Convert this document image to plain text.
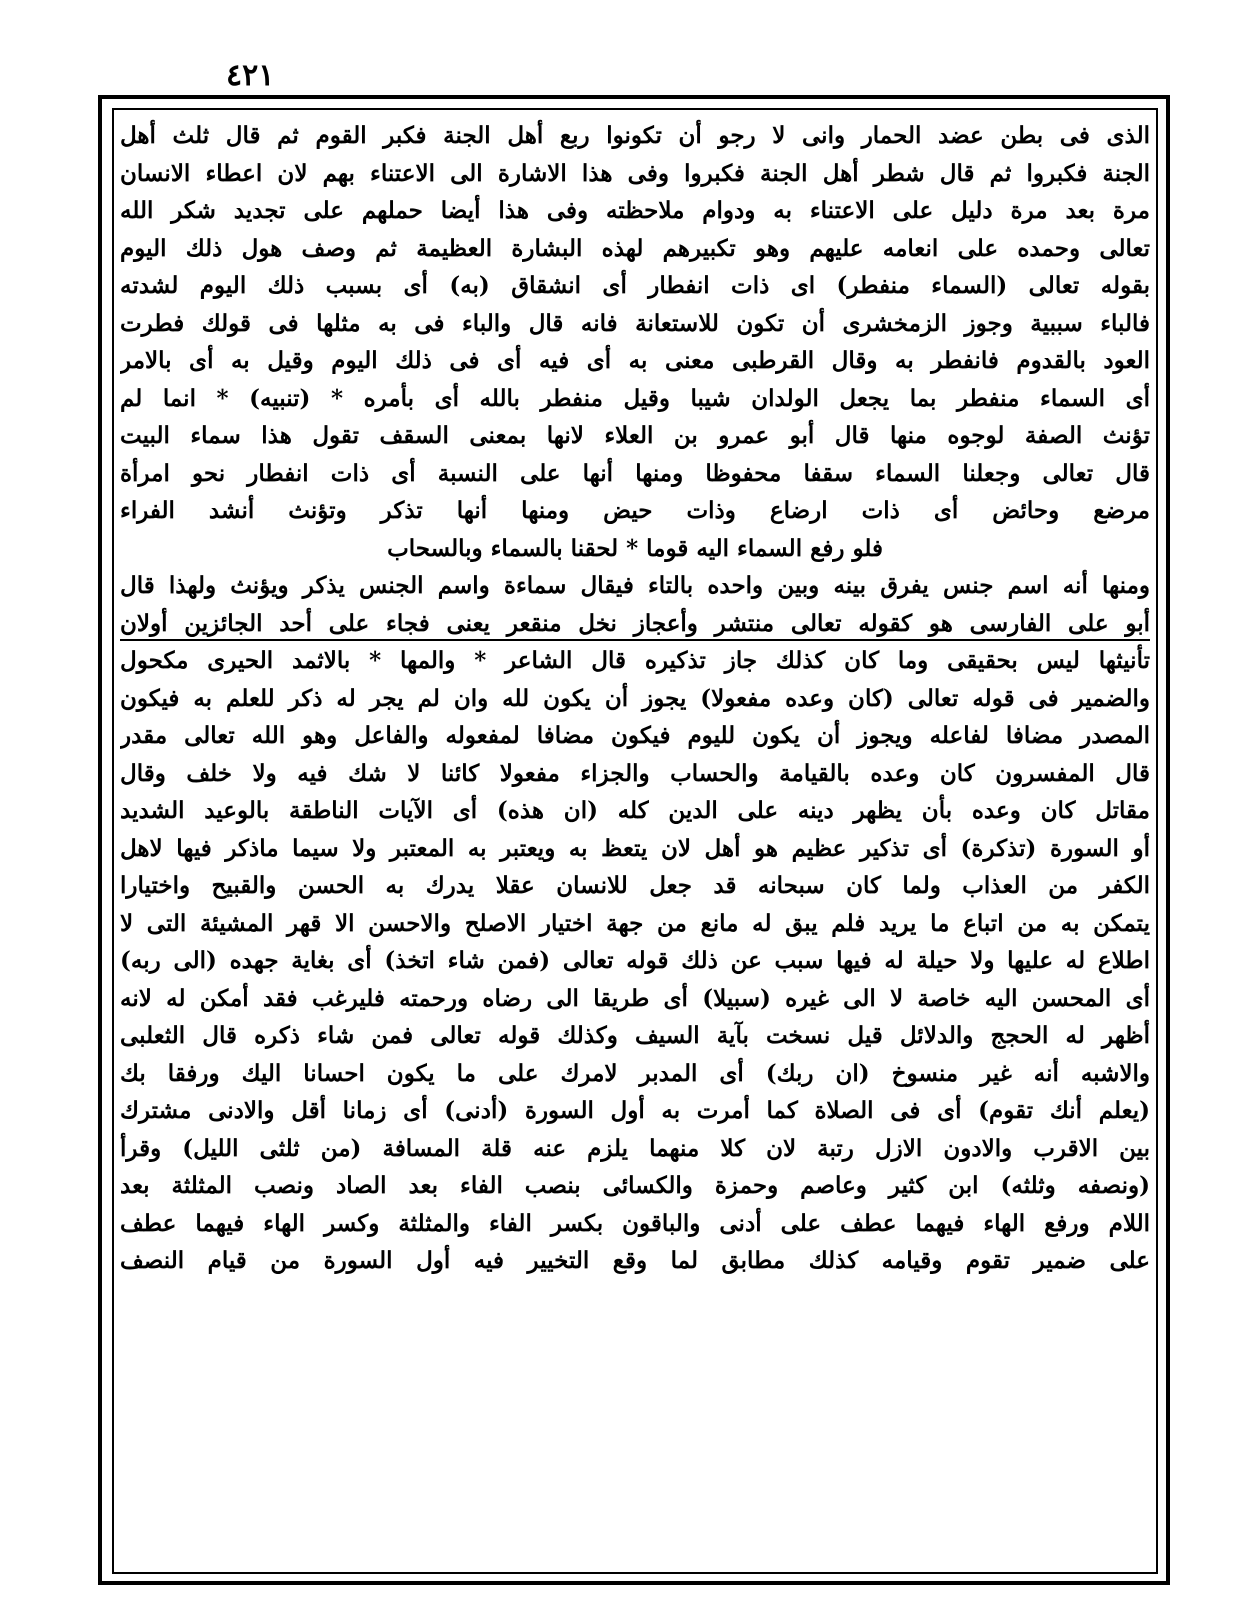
٤٢١
الذى فى بطن عضد الحمار وانى لا رجو أن تكونوا ربع أهل الجنة فكبر القوم ثم قال ثلث أهل
الجنة فكبروا ثم قال شطر أهل الجنة فكبروا وفى هذا الاشارة الى الاعتناء بهم لان اعطاء الانسان
مرة بعد مرة دليل على الاعتناء به ودوام ملاحظته وفى هذا أيضا حملهم على تجديد شكر الله
تعالى وحمده على انعامه عليهم وهو تكبيرهم لهذه البشارة العظيمة ثم وصف هول ذلك اليوم
بقوله تعالى (السماء منفطر) اى ذات انفطار أى انشقاق (به) أى بسبب ذلك اليوم لشدته
فالباء سببية وجوز الزمخشرى أن تكون للاستعانة فانه قال والباء فى به مثلها فى قولك فطرت
العود بالقدوم فانفطر به وقال القرطبى معنى به أى فيه أى فى ذلك اليوم وقيل به أى بالامر
أى السماء منفطر بما يجعل الولدان شيبا وقيل منفطر بالله أى بأمره * (تنبيه) * انما لم
تؤنث الصفة لوجوه منها قال أبو عمرو بن العلاء لانها بمعنى السقف تقول هذا سماء البيت
قال تعالى وجعلنا السماء سقفا محفوظا ومنها أنها على النسبة أى ذات انفطار نحو امرأة
مرضع وحائض أى ذات ارضاع وذات حيض ومنها أنها تذكر وتؤنث أنشد الفراء
فلو رفع السماء اليه قوما * لحقنا بالسماء وبالسحاب
ومنها أنه اسم جنس يفرق بينه وبين واحده بالتاء فيقال سماءة واسم الجنس يذكر ويؤنث ولهذا قال
أبو على الفارسى هو كقوله تعالى منتشر وأعجاز نخل منقعر يعنى فجاء على أحد الجائزين أولان
تأنيثها ليس بحقيقى وما كان كذلك جاز تذكيره قال الشاعر * والمها * بالاثمد الحيرى مكحول
والضمير فى قوله تعالى (كان وعده مفعولا) يجوز أن يكون لله وان لم يجر له ذكر للعلم به فيكون
المصدر مضافا لفاعله ويجوز أن يكون لليوم فيكون مضافا لمفعوله والفاعل وهو الله تعالى مقدر
قال المفسرون كان وعده بالقيامة والحساب والجزاء مفعولا كائنا لا شك فيه ولا خلف وقال
مقاتل كان وعده بأن يظهر دينه على الدين كله (ان هذه) أى الآيات الناطقة بالوعيد الشديد
أو السورة (تذكرة) أى تذكير عظيم هو أهل لان يتعظ به ويعتبر به المعتبر ولا سيما ماذكر فيها لاهل
الكفر من العذاب ولما كان سبحانه قد جعل للانسان عقلا يدرك به الحسن والقبيح واختيارا
يتمكن به من اتباع ما يريد فلم يبق له مانع من جهة اختيار الاصلح والاحسن الا قهر المشيئة التى لا
اطلاع له عليها ولا حيلة له فيها سبب عن ذلك قوله تعالى (فمن شاء اتخذ) أى بغاية جهده (الى ربه)
أى المحسن اليه خاصة لا الى غيره (سبيلا) أى طريقا الى رضاه ورحمته فليرغب فقد أمكن له لانه
أظهر له الحجج والدلائل قيل نسخت بآية السيف وكذلك قوله تعالى فمن شاء ذكره قال الثعلبى
والاشبه أنه غير منسوخ (ان ربك) أى المدبر لامرك على ما يكون احسانا اليك ورفقا بك
(يعلم أنك تقوم) أى فى الصلاة كما أمرت به أول السورة (أدنى) أى زمانا أقل والادنى مشترك
بين الاقرب والادون الازل رتبة لان كلا منهما يلزم عنه قلة المسافة (من ثلثى الليل) وقرأ
(ونصفه وثلثه) ابن كثير وعاصم وحمزة والكسائى بنصب الفاء بعد الصاد ونصب المثلثة بعد
اللام ورفع الهاء فيهما عطف على أدنى والباقون بكسر الفاء والمثلثة وكسر الهاء فيهما عطف
على ضمير تقوم وقيامه كذلك مطابق لما وقع التخيير فيه أول السورة من قيام النصف
